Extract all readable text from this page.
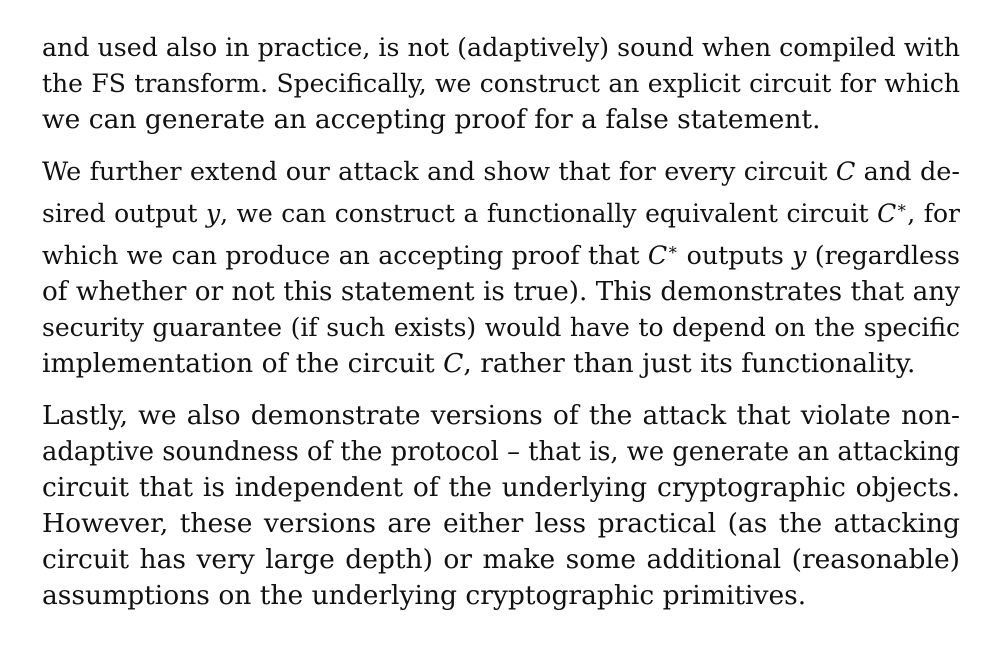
and used also in practice, is not (adaptively) sound when compiled with
the FS transform. Specifically, we construct an explicit circuit for which
we can generate an accepting proof for a false statement.

We further extend our attack and show that for every circuit C and de-
sired output y, we can construct a functionally equivalent circuit C∗, for
which we can produce an accepting proof that C∗ outputs y (regardless
of whether or not this statement is true). This demonstrates that any
security guarantee (if such exists) would have to depend on the specific
implementation of the circuit C, rather than just its functionality.

Lastly, we also demonstrate versions of the attack that violate non-
adaptive soundness of the protocol – that is, we generate an attacking
circuit that is independent of the underlying cryptographic objects.
However, these versions are either less practical (as the attacking
circuit has very large depth) or make some additional (reasonable)
assumptions on the underlying cryptographic primitives.
